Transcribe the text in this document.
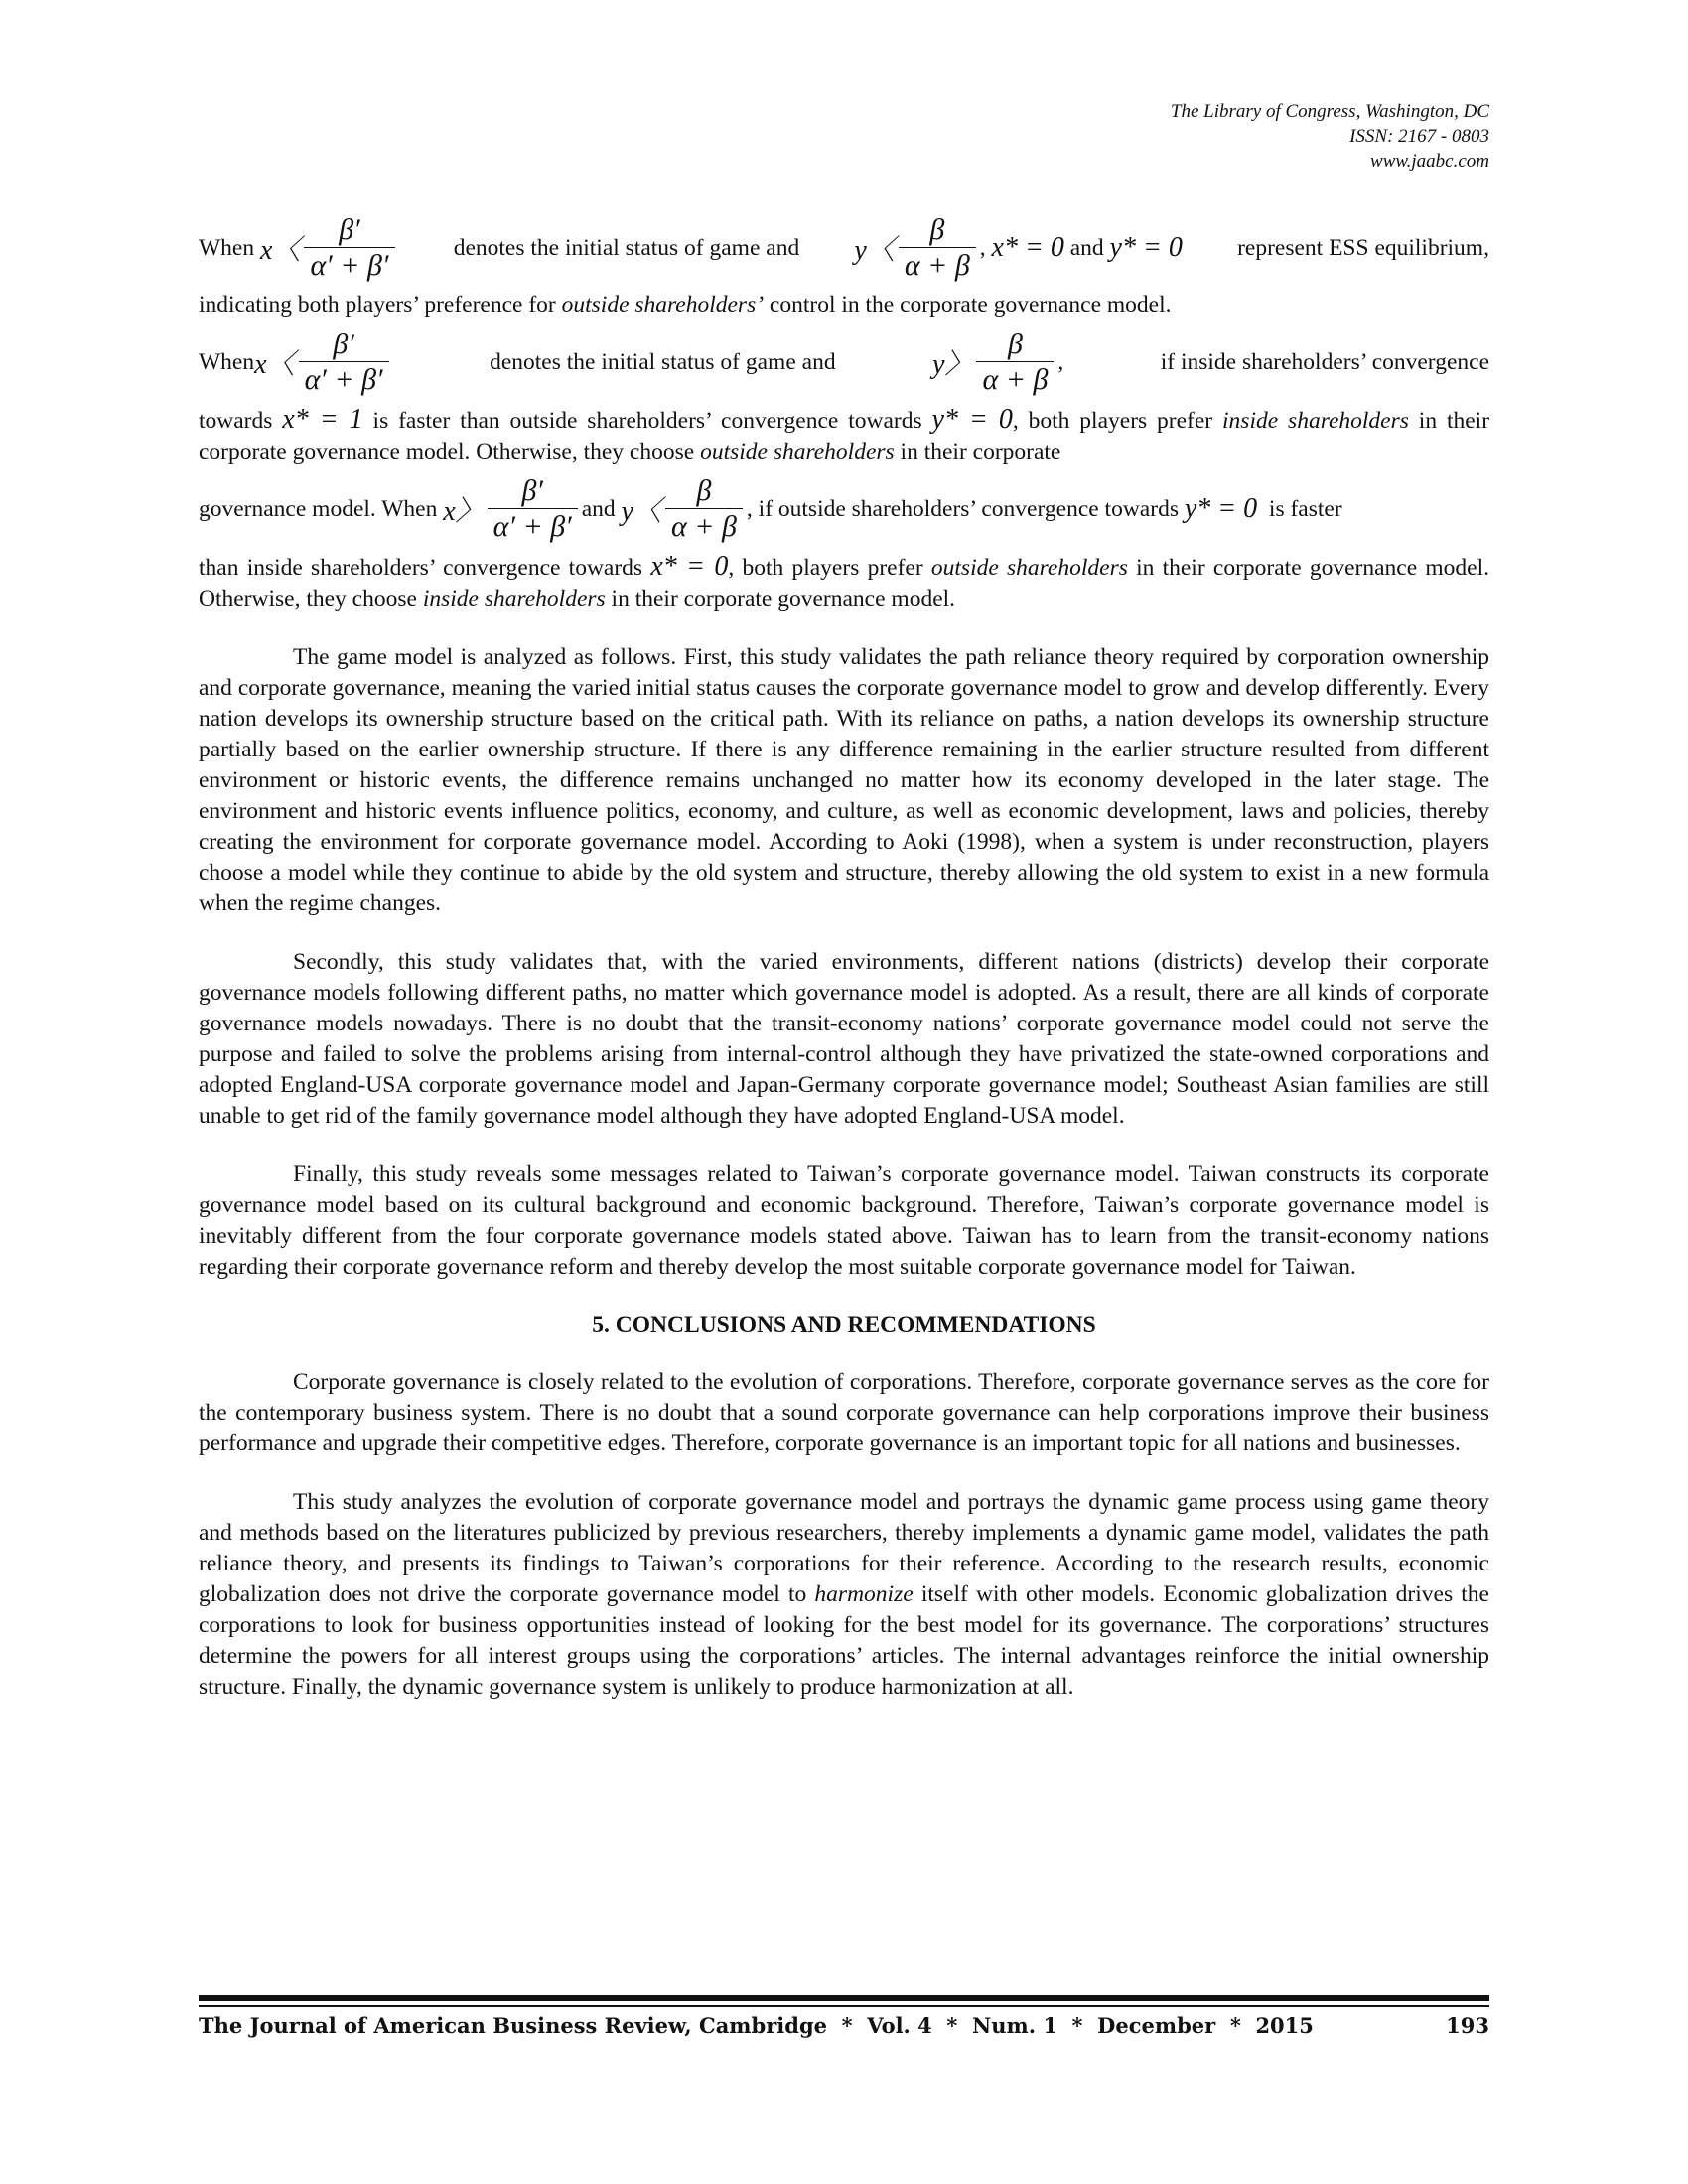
The Library of Congress, Washington, DC
ISSN: 2167 - 0803
www.jaabc.com
When
x〈 $\frac{\beta'}{\alpha' + \beta'}$	denotes the initial status of game and y〈 $\frac{\beta}{\alpha + \beta}$ ,
x* = 0
and
y* = 0 represent ESS equilibrium,

indicating both players’ preference for outside shareholders’ control in the corporate governance model.

When x〈 $\frac{\beta'}{\alpha' + \beta'}$	denotes the initial status of game and	y〉 $\frac{\beta}{\alpha + \beta}$ ,	if inside shareholders’ convergence

towards x* = 1 is faster than outside shareholders’ convergence towards y* = 0, both players prefer inside shareholders in their corporate governance model. Otherwise, they choose outside shareholders in their corporate

governance model. When
x〉 $\frac{\beta'}{\alpha' + \beta'}$ and
y〈 $\frac{\beta}{\alpha + \beta}$ , if outside shareholders’ convergence towards
y* = 0
is faster

than inside shareholders’ convergence towards x* = 0, both players prefer outside shareholders in their corporate governance model. Otherwise, they choose inside shareholders in their corporate governance model.

The game model is analyzed as follows. First, this study validates the path reliance theory required by corporation ownership and corporate governance, meaning the varied initial status causes the corporate governance model to grow and develop differently. Every nation develops its ownership structure based on the critical path. With its reliance on paths, a nation develops its ownership structure partially based on the earlier ownership structure. If there is any difference remaining in the earlier structure resulted from different environment or historic events, the difference remains unchanged no matter how its economy developed in the later stage. The environment and historic events influence politics, economy, and culture, as well as economic development, laws and policies, thereby creating the environment for corporate governance model. According to Aoki (1998), when a system is under reconstruction, players choose a model while they continue to abide by the old system and structure, thereby allowing the old system to exist in a new formula when the regime changes.

Secondly, this study validates that, with the varied environments, different nations (districts) develop their corporate governance models following different paths, no matter which governance model is adopted. As a result, there are all kinds of corporate governance models nowadays. There is no doubt that the transit-economy nations’ corporate governance model could not serve the purpose and failed to solve the problems arising from internal-control although they have privatized the state-owned corporations and adopted England-USA corporate governance model and Japan-Germany corporate governance model; Southeast Asian families are still unable to get rid of the family governance model although they have adopted England-USA model.

Finally, this study reveals some messages related to Taiwan’s corporate governance model. Taiwan constructs its corporate governance model based on its cultural background and economic background. Therefore, Taiwan’s corporate governance model is inevitably different from the four corporate governance models stated above. Taiwan has to learn from the transit-economy nations regarding their corporate governance reform and thereby develop the most suitable corporate governance model for Taiwan.

5. CONCLUSIONS AND RECOMMENDATIONS

Corporate governance is closely related to the evolution of corporations. Therefore, corporate governance serves as the core for the contemporary business system. There is no doubt that a sound corporate governance can help corporations improve their business performance and upgrade their competitive edges. Therefore, corporate governance is an important topic for all nations and businesses.

This study analyzes the evolution of corporate governance model and portrays the dynamic game process using game theory and methods based on the literatures publicized by previous researchers, thereby implements a dynamic game model, validates the path reliance theory, and presents its findings to Taiwan’s corporations for their reference. According to the research results, economic globalization does not drive the corporate governance model to harmonize itself with other models. Economic globalization drives the corporations to look for business opportunities instead of looking for the best model for its governance. The corporations’ structures determine the powers for all interest groups using the corporations’ articles. The internal advantages reinforce the initial ownership structure. Finally, the dynamic governance system is unlikely to produce harmonization at all.

The Journal of American Business Review, Cambridge  *  Vol. 4  *  Num. 1  *  December  *  2015	193
